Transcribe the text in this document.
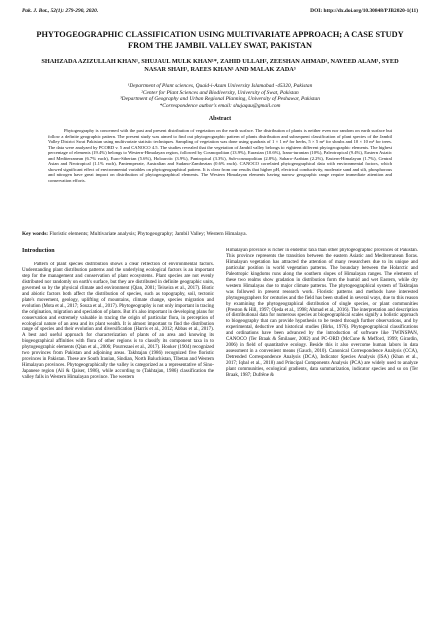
Pak. J. Bot., 52(1): 279-290, 2020.	DOI: http://dx.doi.org/10.30848/PJB2020-1(11)
PHYTOGEOGRAPHIC CLASSIFICATION USING MULTIVARIATE APPROACH; A CASE STUDY FROM THE JAMBIL VALLEY SWAT, PAKISTAN
SHAHZADA AZIZULLAH KHAN¹, SHUJAUL MULK KHAN¹*, ZAHID ULLAH², ZEESHAN AHMAD¹, NAVEED ALAM¹, SYED NASAR SHAH¹, RAEES KHAN¹ AND MALAK ZADA³
¹Department of Plant sciences, Quaid-i-Azam University Islamabad -45320, Pakistan
²Center for Plant Sciences and Biodiversity, University of Swat, Pakistan
³Department of Geography and Urban Regional Planning, University of Peshawar, Pakistan
*Correspondence author's email: shujaqau@gmail.com
Abstract
Phytogeography is concerned with the past and present distribution of vegetation on the earth surface. The distribution of plants is neither even nor random on earth surface but follow a definite geographic pattern. The present study was aimed to find out phytogeographic pattern of plants distribution and subsequent classification of plant species of the Jambil Valley District Swat Pakistan using multivariate statistic techniques. Sampling of vegetation was done using quadrats of 1 × 1 m² for herbs, 5 × 5 m² for shrubs and 10 × 10 m² for trees. The data were analyzed by PCORD v. 5 and CANOCO 4.5. The studies revealed that the vegetation of Jambil valley belongs to eighteen different phytogeographic elements. The highest percentage of elements (19.4%) belongs to Western-Himalayan region, followed by Cosmopolitan (13.9%), Eurasian (10.6%), Irano-turanian (10%), Paleotropical (9.4%), Eastern Asiatic and Mediterranean (6.7% each), Euro-Siberian (5.6%), Holoarctic (3.9%), Pantropical (3.3%), Sub-cosmopolitan (2.8%), Saharo-Arabian (2.2%), Eastern-Himalayan (1.7%), Central Asian and Neotropical (1.1% each), Pantemperate, Australian and Sudano-Zambezian (0.6% each). CANOCO correlated phytogeographical data with environmental factors, which showed significant effect of environmental variables on phytogeographical pattern. It is clear from our results that higher pH, electrical conductivity, moderate sand and silt, phosphorous and nitrogen have great impact on distribution of phytogeographical elements. The Western Himalayan elements having narrow geographic range require immediate attention and conservation efforts.
Key words: Floristic elements; Multivariate analysis; Phytogeography; Jambil Valley; Western Himalaya.
Introduction
Pattern of plant species distribution shows a clear reflection of environmental factors. Understanding plant distribution patterns and the underlying ecological factors is an important step for the management and conservation of plant ecosystems. Plant species are not evenly distributed nor randomly on earth's surface, but they are distributed in definite geographic units, governed so by the physical climate and environment (Qian, 2001; Teixeira et al., 2017). Biotic and abiotic factors both affect the distribution of species, such as topography, soil, tectonic plate's movement, geology, uplifting of mountains, climate change, species migration and evolution (Mota et al., 2017; Souza et al., 2017). Phytogeography is not only important in tracing the origination, migration and speciation of plants. But it's also important in developing plans for conservation and extremely valuable in tracing the origin of particular flora, in perception of ecological nature of an area and its plant wealth. It is almost important to find the distribution range of species and their evolution and diversification (Harris et al., 2012; Abbas et al., 2017). A best and useful approach for characterization of plants of an area and knowing its biogeographical affinities with flora of other regions is to classify its component taxa in to phytogeographic elements (Qian et al., 2006; Pourrezaei et al., 2017). Hooker (1904) recognized two provinces from Pakistan and adjoining areas. Takhtajan (1986) recognized five floristic provinces in Pakistan. These are South Iranian, Sindian, North Baluchistan, Tibetan and Western Himalayan provinces. Phytogeographically the valley is categorized as a representative of Sino-Japanese region (Ali & Qaiser, 1986), while according to (Takhtajan, 1986) classification the valley falls in Western Himalayan province. The western
Himalayan province is richer in endemic taxa than other phytogeographic provinces of Pakistan. This province represents the transition between the eastern Asiatic and Mediterranean floras. Himalayan vegetation has attracted the attention of many researchers due to its unique and particular position in world vegetation patterns. The boundary between the Holarctic and Paleotropic kingdoms runs along the southern slopes of Himalayan ranges. The elements of these two realms show gradation in distribution form the humid and wet Eastern, while dry western Himalayas due to major climate patterns. The phytogeographical system of Takhtajan was followed in present research work. Floristic patterns and methods have interested phytogeographers for centuries and the field has been studied in several ways, due to this reason by examining the phytogeographical distribution of single species, or plant communities (Preston & Hill, 1997; Ojeda et al., 1998; Ahmad et al., 2016). The interpretation and description of distributional data for numerous species at biogeographical scales signify a holistic approach to biogeography that can provide hypothesis to be tested through further observations, and by experimental, deductive and historical studies (Birks, 1976). Phytogeographical classifications and ordinations have been advanced by the introduction of software like TWINSPAN, CANOCO (Ter Braak & Šmilauer, 2002) and PC-ORD (McCune & Mefford, 1999; Girardin, 2006) in field of quantitative ecology. Beside this it also overcome human labors in data assessment in a convenient means (Gauch, 2010). Canonical Correspondence Analysis (CCA), Detrended Correspondence Analysis (DCA), Indicator Species Analysis (ISA) (Khan et al., 2017; Iqbal et al., 2018) and Principal Components Analysis (PCA) are widely used to analyze plant communities, ecological gradients, data summarization, indicator species and so on (Ter Braak, 1987; Dufrêne &
